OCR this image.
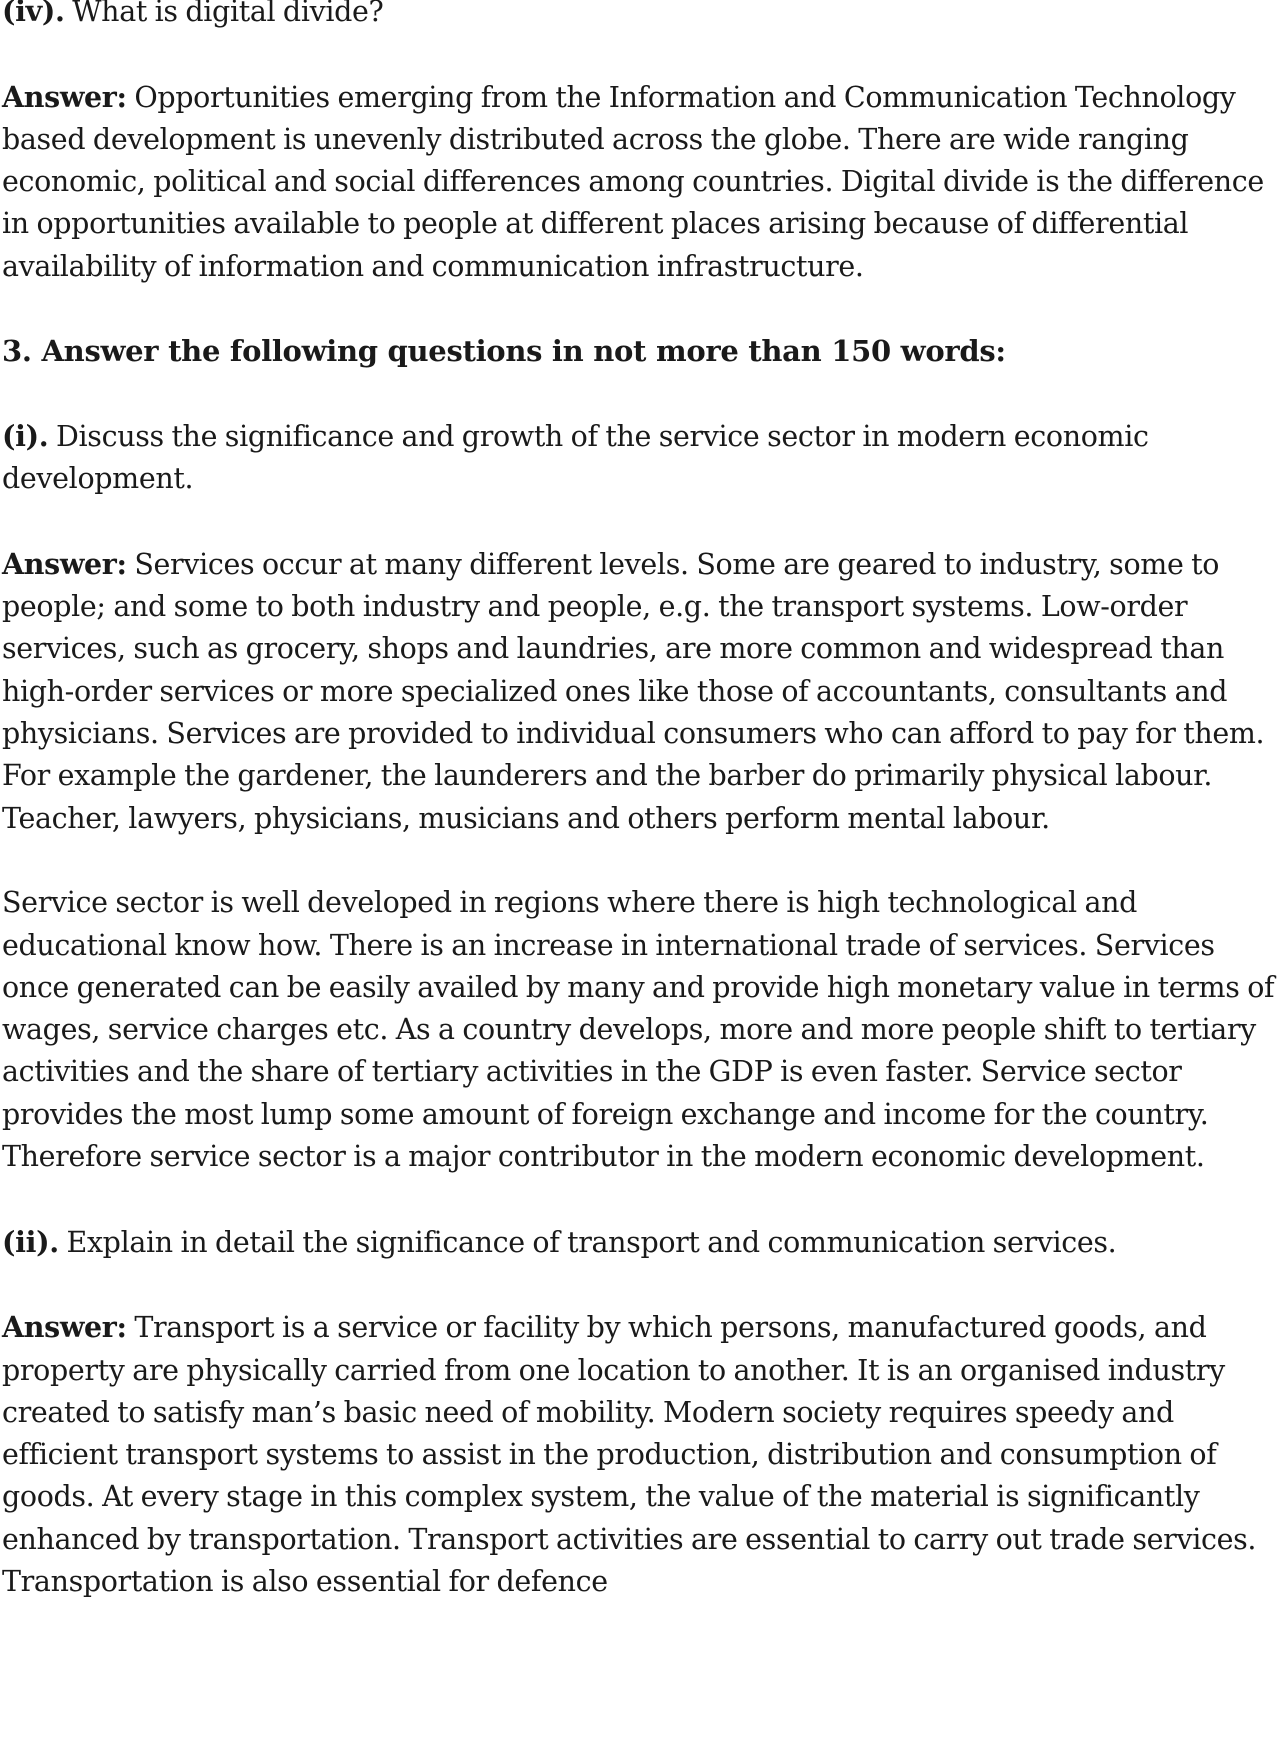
(iv). What is digital divide?

Answer: Opportunities emerging from the Information and Communication Technology based development is unevenly distributed across the globe. There are wide ranging economic, political and social differences among countries. Digital divide is the difference in opportunities available to people at different places arising because of differential availability of information and communication infrastructure.

3. Answer the following questions in not more than 150 words:

(i). Discuss the significance and growth of the service sector in modern economic development.

Answer: Services occur at many different levels. Some are geared to industry, some to people; and some to both industry and people, e.g. the transport systems. Low-order services, such as grocery, shops and laundries, are more common and widespread than high-order services or more specialized ones like those of accountants, consultants and physicians. Services are provided to individual consumers who can afford to pay for them. For example the gardener, the launderers and the barber do primarily physical labour. Teacher, lawyers, physicians, musicians and others perform mental labour.

Service sector is well developed in regions where there is high technological and educational know how. There is an increase in international trade of services. Services once generated can be easily availed by many and provide high monetary value in terms of wages, service charges etc. As a country develops, more and more people shift to tertiary activities and the share of tertiary activities in the GDP is even faster. Service sector provides the most lump some amount of foreign exchange and income for the country. Therefore service sector is a major contributor in the modern economic development.

(ii). Explain in detail the significance of transport and communication services.

Answer: Transport is a service or facility by which persons, manufactured goods, and property are physically carried from one location to another. It is an organised industry created to satisfy man’s basic need of mobility. Modern society requires speedy and efficient transport systems to assist in the production, distribution and consumption of goods. At every stage in this complex system, the value of the material is significantly enhanced by transportation. Transport activities are essential to carry out trade services. Transportation is also essential for defence
